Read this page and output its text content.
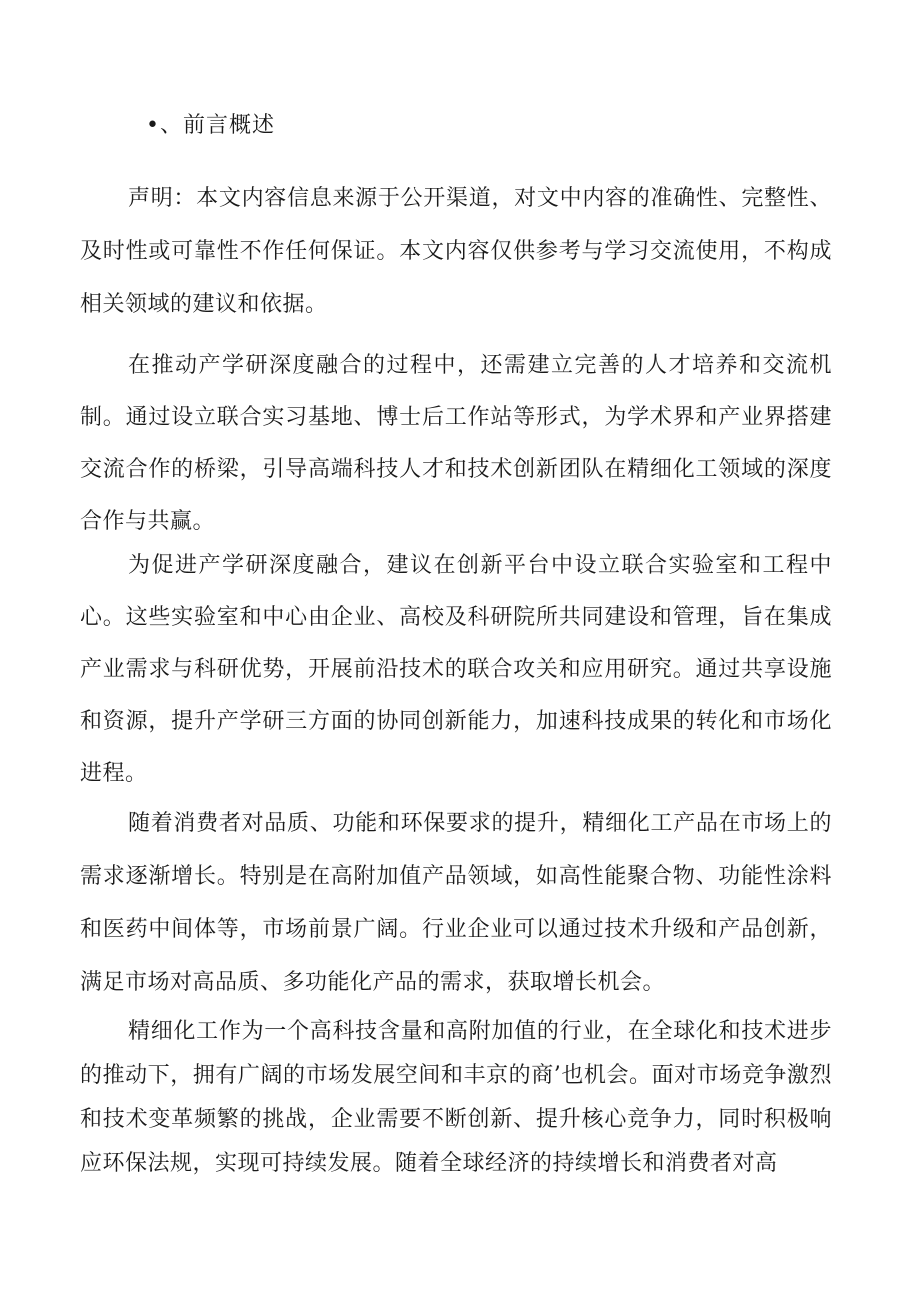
•、前言概述

声明：本文内容信息来源于公开渠道，对文中内容的准确性、完整性、及时性或可靠性不作任何保证。本文内容仅供参考与学习交流使用，不构成相关领域的建议和依据。

在推动产学研深度融合的过程中，还需建立完善的人才培养和交流机制。通过设立联合实习基地、博士后工作站等形式，为学术界和产业界搭建交流合作的桥梁，引导高端科技人才和技术创新团队在精细化工领域的深度合作与共赢。

为促进产学研深度融合，建议在创新平台中设立联合实验室和工程中心。这些实验室和中心由企业、高校及科研院所共同建设和管理，旨在集成产业需求与科研优势，开展前沿技术的联合攻关和应用研究。通过共享设施和资源，提升产学研三方面的协同创新能力，加速科技成果的转化和市场化进程。

随着消费者对品质、功能和环保要求的提升，精细化工产品在市场上的需求逐渐增长。特别是在高附加值产品领域，如高性能聚合物、功能性涂料和医药中间体等，市场前景广阔。行业企业可以通过技术升级和产品创新，满足市场对高品质、多功能化产品的需求，获取增长机会。

精细化工作为一个高科技含量和高附加值的行业，在全球化和技术进步的推动下，拥有广阔的市场发展空间和丰京的商’也机会。面对市场竞争激烈和技术变革频繁的挑战，企业需要不断创新、提升核心竞争力，同时积极响应环保法规，实现可持续发展。随着全球经济的持续增长和消费者对高
